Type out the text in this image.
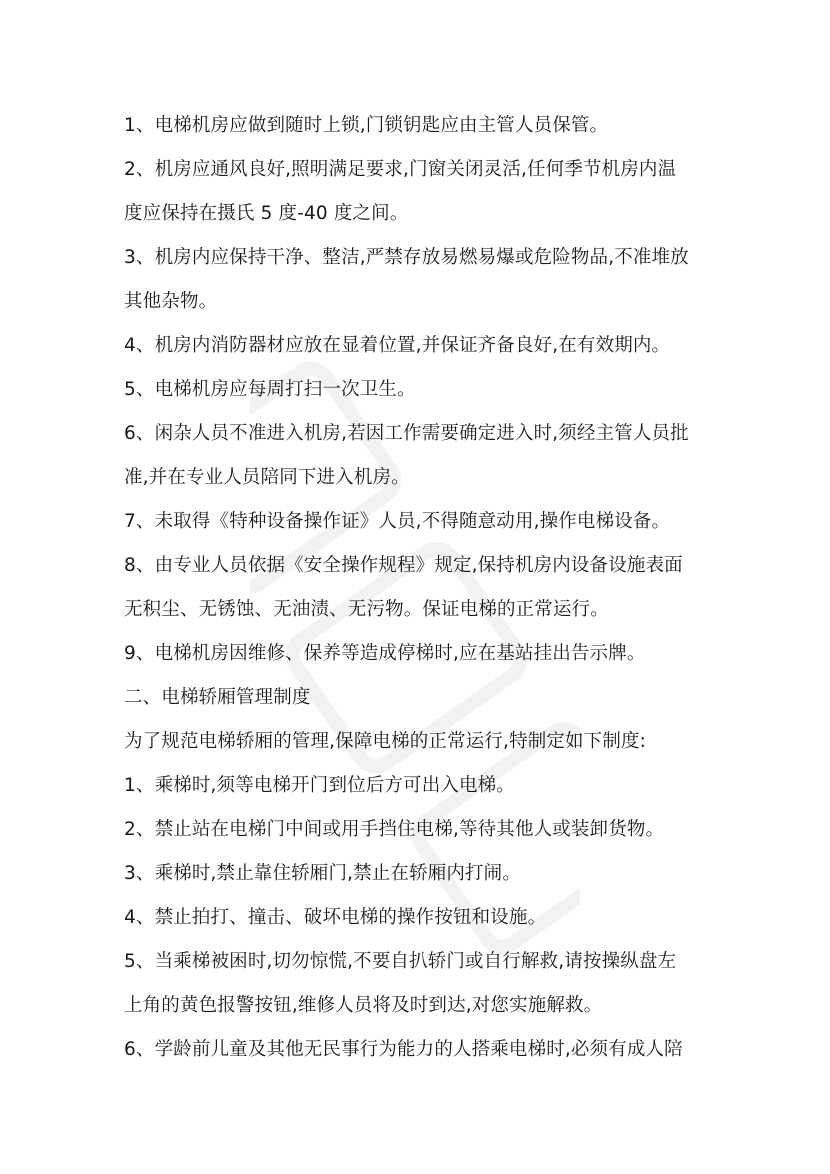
1、电梯机房应做到随时上锁,门锁钥匙应由主管人员保管。
2、机房应通风良好,照明满足要求,门窗关闭灵活,任何季节机房内温
度应保持在摄氏 5 度-40 度之间。
3、机房内应保持干净、整洁,严禁存放易燃易爆或危险物品,不准堆放
其他杂物。
4、机房内消防器材应放在显着位置,并保证齐备良好,在有效期内。
5、电梯机房应每周打扫一次卫生。
6、闲杂人员不准进入机房,若因工作需要确定进入时,须经主管人员批
准,并在专业人员陪同下进入机房。
7、未取得《特种设备操作证》人员,不得随意动用,操作电梯设备。
8、由专业人员依据《安全操作规程》规定,保持机房内设备设施表面
无积尘、无锈蚀、无油渍、无污物。保证电梯的正常运行。
9、电梯机房因维修、保养等造成停梯时,应在基站挂出告示牌。
二、电梯轿厢管理制度
为了规范电梯轿厢的管理,保障电梯的正常运行,特制定如下制度:
1、乘梯时,须等电梯开门到位后方可出入电梯。
2、禁止站在电梯门中间或用手挡住电梯,等待其他人或装卸货物。
3、乘梯时,禁止靠住轿厢门,禁止在轿厢内打闹。
4、禁止拍打、撞击、破坏电梯的操作按钮和设施。
5、当乘梯被困时,切勿惊慌,不要自扒轿门或自行解救,请按操纵盘左
上角的黄色报警按钮,维修人员将及时到达,对您实施解救。
6、学龄前儿童及其他无民事行为能力的人搭乘电梯时,必须有成人陪
